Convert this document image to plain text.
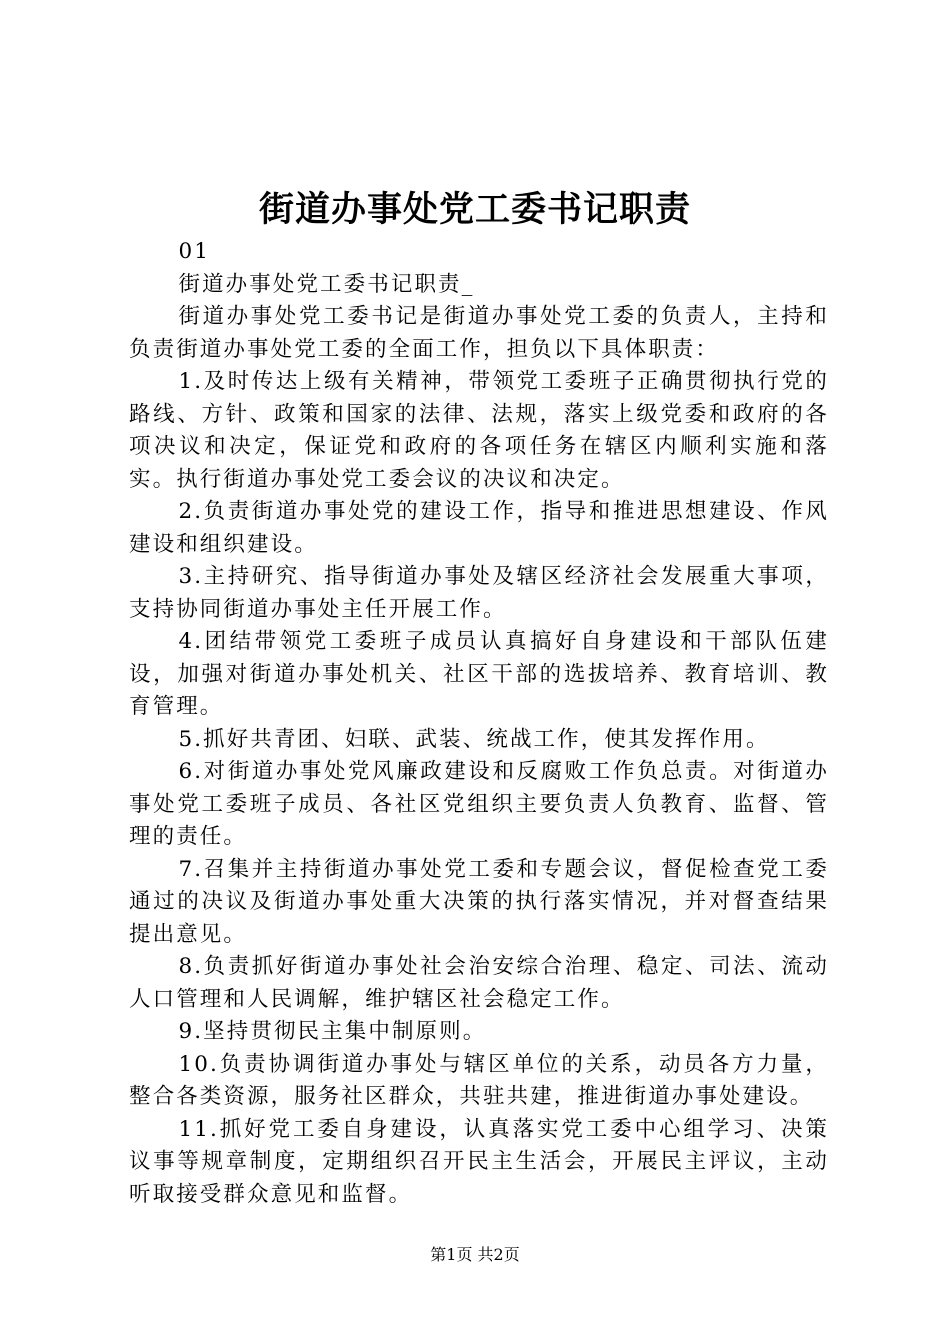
街道办事处党工委书记职责

01

街道办事处党工委书记职责_

街道办事处党工委书记是街道办事处党工委的负责人，主持和负责街道办事处党工委的全面工作，担负以下具体职责：

1.及时传达上级有关精神，带领党工委班子正确贯彻执行党的路线、方针、政策和国家的法律、法规，落实上级党委和政府的各项决议和决定，保证党和政府的各项任务在辖区内顺利实施和落实。执行街道办事处党工委会议的决议和决定。

2.负责街道办事处党的建设工作，指导和推进思想建设、作风建设和组织建设。

3.主持研究、指导街道办事处及辖区经济社会发展重大事项，支持协同街道办事处主任开展工作。

4.团结带领党工委班子成员认真搞好自身建设和干部队伍建设，加强对街道办事处机关、社区干部的选拔培养、教育培训、教育管理。

5.抓好共青团、妇联、武装、统战工作，使其发挥作用。

6.对街道办事处党风廉政建设和反腐败工作负总责。对街道办事处党工委班子成员、各社区党组织主要负责人负教育、监督、管理的责任。

7.召集并主持街道办事处党工委和专题会议，督促检查党工委通过的决议及街道办事处重大决策的执行落实情况，并对督查结果提出意见。

8.负责抓好街道办事处社会治安综合治理、稳定、司法、流动人口管理和人民调解，维护辖区社会稳定工作。

9.坚持贯彻民主集中制原则。

10.负责协调街道办事处与辖区单位的关系，动员各方力量，整合各类资源，服务社区群众，共驻共建，推进街道办事处建设。

11.抓好党工委自身建设，认真落实党工委中心组学习、决策议事等规章制度，定期组织召开民主生活会，开展民主评议，主动听取接受群众意见和监督。

第1页 共2页
